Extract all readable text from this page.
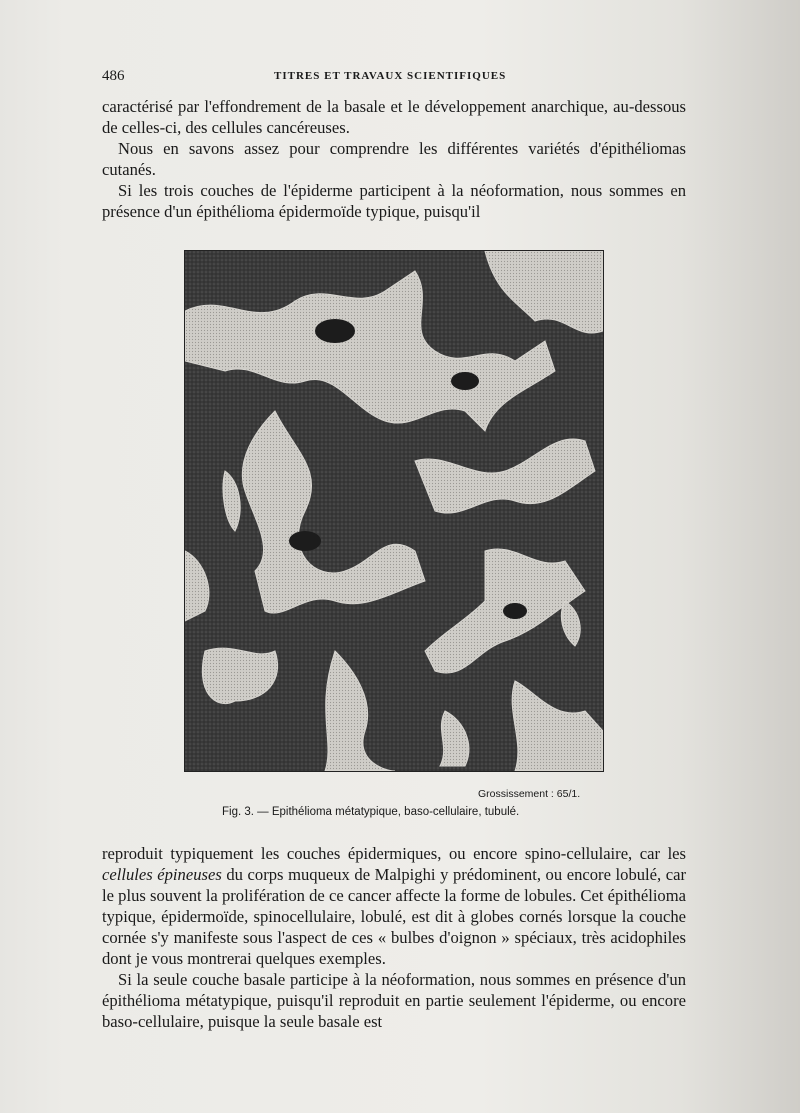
486	TITRES ET TRAVAUX SCIENTIFIQUES

caractérisé par l'effondrement de la basale et le développement anarchique, au-dessous de celles-ci, des cellules cancéreuses.

Nous en savons assez pour comprendre les différentes variétés d'épithéliomas cutanés.

Si les trois couches de l'épiderme participent à la néoformation, nous sommes en présence d'un épithélioma épidermoïde typique, puisqu'il

Grossissement : 65/1.
Fig. 3. — Epithélioma métatypique, baso-cellulaire, tubulé.

reproduit typiquement les couches épidermiques, ou encore spino-cellulaire, car les cellules épineuses du corps muqueux de Malpighi y prédominent, ou encore lobulé, car le plus souvent la prolifération de ce cancer affecte la forme de lobules. Cet épithélioma typique, épidermoïde, spinocellulaire, lobulé, est dit à globes cornés lorsque la couche cornée s'y manifeste sous l'aspect de ces « bulbes d'oignon » spéciaux, très acidophiles dont je vous montrerai quelques exemples.

Si la seule couche basale participe à la néoformation, nous sommes en présence d'un épithélioma métatypique, puisqu'il reproduit en partie seulement l'épiderme, ou encore baso-cellulaire, puisque la seule basale est
